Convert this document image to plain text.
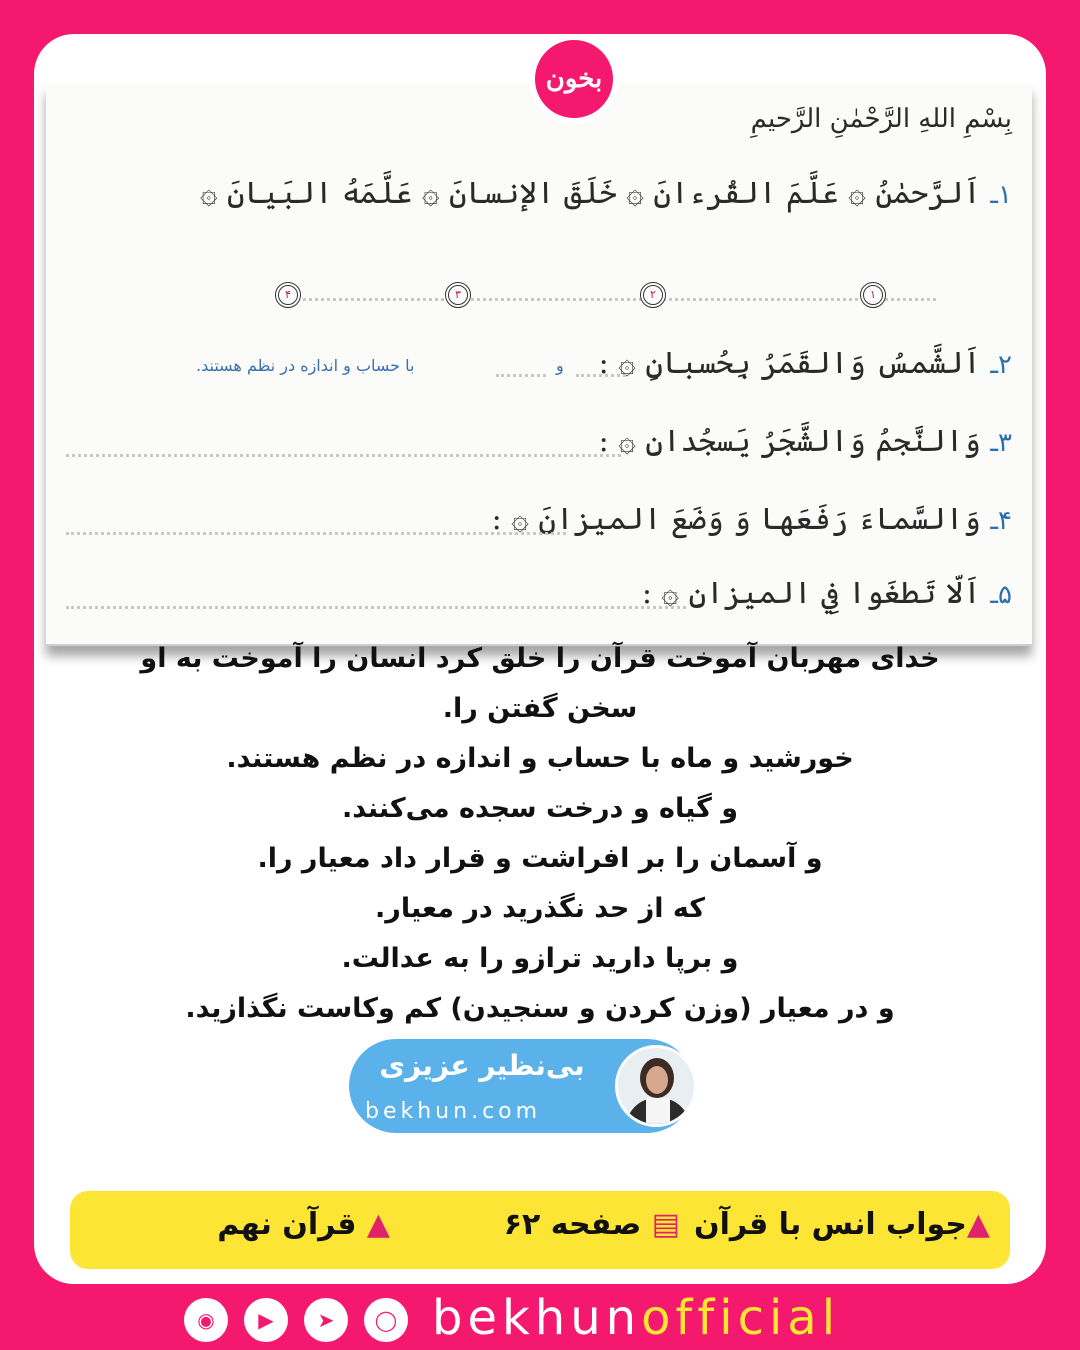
بخون
بِسْمِ اللهِ الرَّحْمٰنِ الرَّحیمِ
۱ـ اَلرَّحمٰنُ ۞ عَلَّمَ القُرءانَ ۞ خَلَقَ الإنسانَ ۞ عَلَّمَهُ البَيانَ ۞
۱
۲
۳
۴
۲ـ اَلشَّمسُ وَالقَمَرُ بِحُسبانٍ ۞ :
با حساب و اندازه در نظم هستند.	و
۳ـ وَالنَّجمُ وَالشَّجَرُ يَسجُدانِ ۞ :
۴ـ وَالسَّماءَ رَفَعَها وَ وَضَعَ الميزانَ ۞ :
۵ـ اَلّا تَطغَوا فِي الميزانِ ۞ :
خدای مهربان آموخت قرآن را خلق کرد انسان را آموخت به او
سخن گفتن را.
خورشید و ماه با حساب و اندازه در نظم هستند.
و گیاه و درخت سجده می‌کنند.
و آسمان را بر افراشت و قرار داد معیار را.
که از حد نگذرید در معیار.
و برپا دارید ترازو را به عدالت.
و در معیار (وزن کردن و سنجیدن) کم وکاست نگذازید.
بی‌نظیر عزیزی
bekhun.com
▲جواب انس با قرآن
▤ صفحه ۶۲
▲ قرآن نهم
◉ ▶ ➤ ◯ bekhunofficial
